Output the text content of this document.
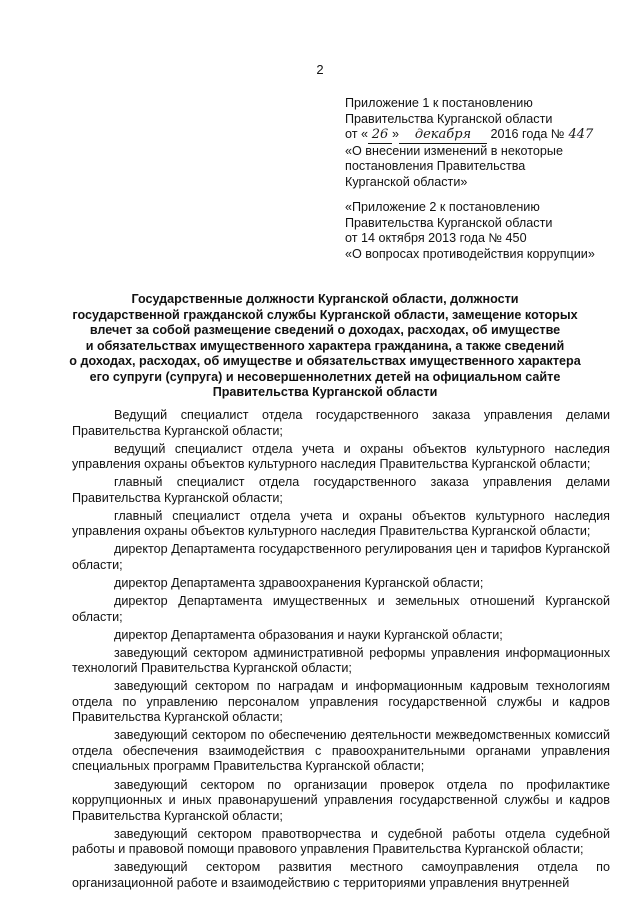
2
Приложение 1 к постановлению
Правительства Курганской области
от « 26 » декабря 2016 года № 447
«О внесении изменений в некоторые
постановления Правительства
Курганской области»
«Приложение 2 к постановлению
Правительства Курганской области
от 14 октября 2013 года № 450
«О вопросах противодействия коррупции»
Государственные должности Курганской области, должности
государственной гражданской службы Курганской области, замещение которых
влечет за собой размещение сведений о доходах, расходах, об имуществе
и обязательствах имущественного характера гражданина, а также сведений
о доходах, расходах, об имуществе и обязательствах имущественного характера
его супруги (супруга) и несовершеннолетних детей на официальном сайте
Правительства Курганской области

Ведущий специалист отдела государственного заказа управления делами Правительства Курганской области;

ведущий специалист отдела учета и охраны объектов культурного наследия управления охраны объектов культурного наследия Правительства Курганской области;

главный специалист отдела государственного заказа управления делами Правительства Курганской области;

главный специалист отдела учета и охраны объектов культурного наследия управления охраны объектов культурного наследия Правительства Курганской области;

директор Департамента государственного регулирования цен и тарифов Курганской области;

директор Департамента здравоохранения Курганской области;

директор Департамента имущественных и земельных отношений Курганской области;

директор Департамента образования и науки Курганской области;

заведующий сектором административной реформы управления информационных технологий Правительства Курганской области;

заведующий сектором по наградам и информационным кадровым технологиям отдела по управлению персоналом управления государственной службы и кадров Правительства Курганской области;

заведующий сектором по обеспечению деятельности межведомственных комиссий отдела обеспечения взаимодействия с правоохранительными органами управления специальных программ Правительства Курганской области;

заведующий сектором по организации проверок отдела по профилактике коррупционных и иных правонарушений управления государственной службы и кадров Правительства Курганской области;

заведующий сектором правотворчества и судебной работы отдела судебной работы и правовой помощи правового управления Правительства Курганской области;

заведующий сектором развития местного самоуправления отдела по организационной работе и взаимодействию с территориями управления внутренней
